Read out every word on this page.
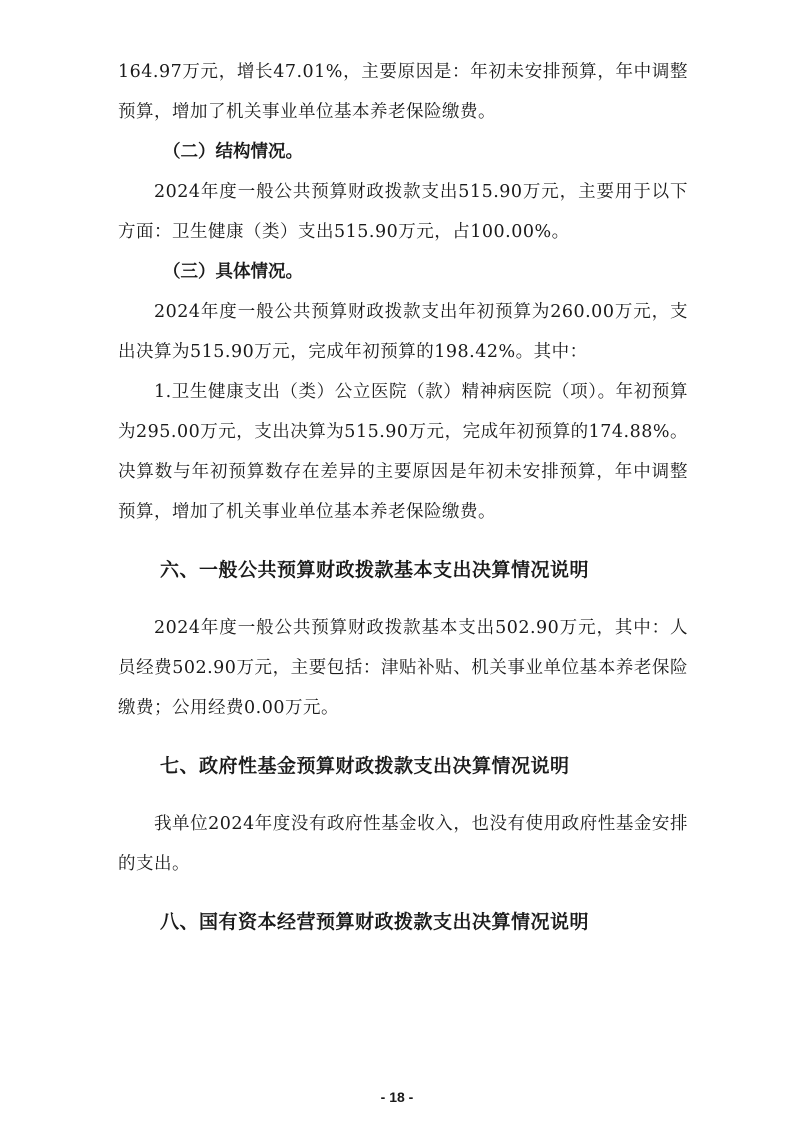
164.97万元，增长47.01%，主要原因是：年初未安排预算，年中调整预算，增加了机关事业单位基本养老保险缴费。

（二）结构情况。

2024年度一般公共预算财政拨款支出515.90万元，主要用于以下方面：卫生健康（类）支出515.90万元，占100.00%。

（三）具体情况。

2024年度一般公共预算财政拨款支出年初预算为260.00万元，支出决算为515.90万元，完成年初预算的198.42%。其中：

1.卫生健康支出（类）公立医院（款）精神病医院（项）。年初预算为295.00万元，支出决算为515.90万元，完成年初预算的174.88%。决算数与年初预算数存在差异的主要原因是年初未安排预算，年中调整预算，增加了机关事业单位基本养老保险缴费。

六、一般公共预算财政拨款基本支出决算情况说明

2024年度一般公共预算财政拨款基本支出502.90万元，其中：人员经费502.90万元，主要包括：津贴补贴、机关事业单位基本养老保险缴费；公用经费0.00万元。

七、政府性基金预算财政拨款支出决算情况说明

我单位2024年度没有政府性基金收入，也没有使用政府性基金安排的支出。

八、国有资本经营预算财政拨款支出决算情况说明
- 18 -
